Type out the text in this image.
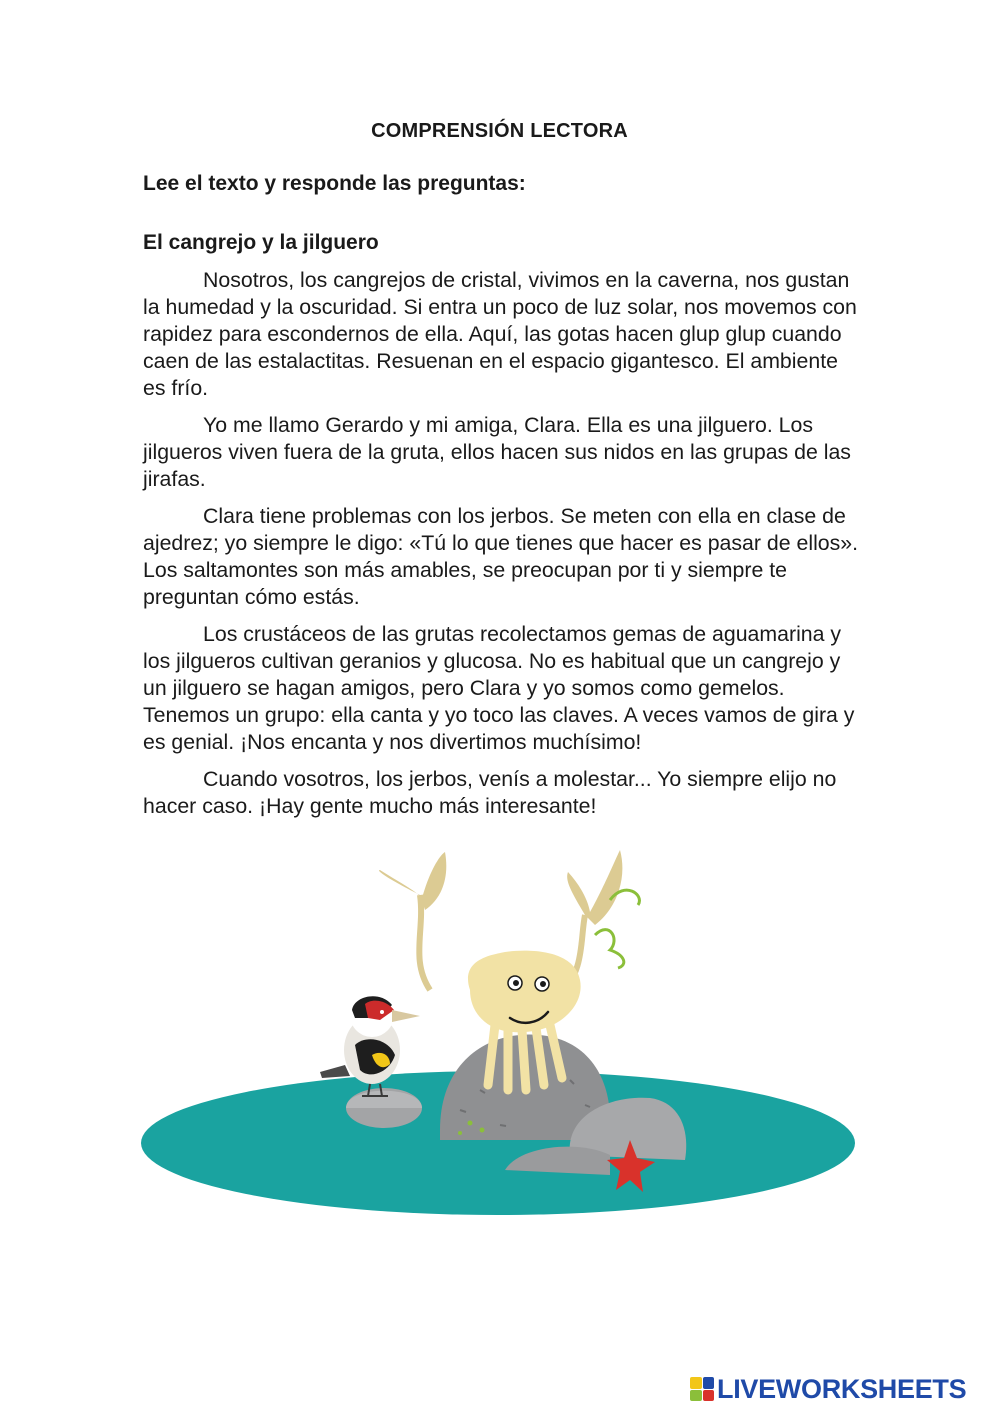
COMPRENSIÓN LECTORA
Lee el texto y responde las preguntas:
El cangrejo y la jilguero

Nosotros, los cangrejos de cristal, vivimos en la caverna, nos gustan la humedad y la oscuridad. Si entra un poco de luz solar, nos movemos con rapidez para escondernos de ella. Aquí, las gotas hacen glup glup cuando caen de las estalactitas. Resuenan en el espacio gigantesco. El ambiente es frío.

Yo me llamo Gerardo y mi amiga, Clara. Ella es una jilguero. Los jilgueros viven fuera de la gruta, ellos hacen sus nidos en las grupas de las jirafas.

Clara tiene problemas con los jerbos. Se meten con ella en clase de ajedrez; yo siempre le digo: «Tú lo que tienes que hacer es pasar de ellos». Los saltamontes son más amables, se preocupan por ti y siempre te preguntan cómo estás.

Los crustáceos de las grutas recolectamos gemas de aguamarina y los jilgueros cultivan geranios y glucosa. No es habitual que un cangrejo y un jilguero se hagan amigos, pero Clara y yo somos como gemelos. Tenemos un grupo: ella canta y yo toco las claves. A veces vamos de gira y es genial. ¡Nos encanta y nos divertimos muchísimo!

Cuando vosotros, los jerbos, venís a molestar... Yo siempre elijo no hacer caso. ¡Hay gente mucho más interesante!

LIVEWORKSHEETS
